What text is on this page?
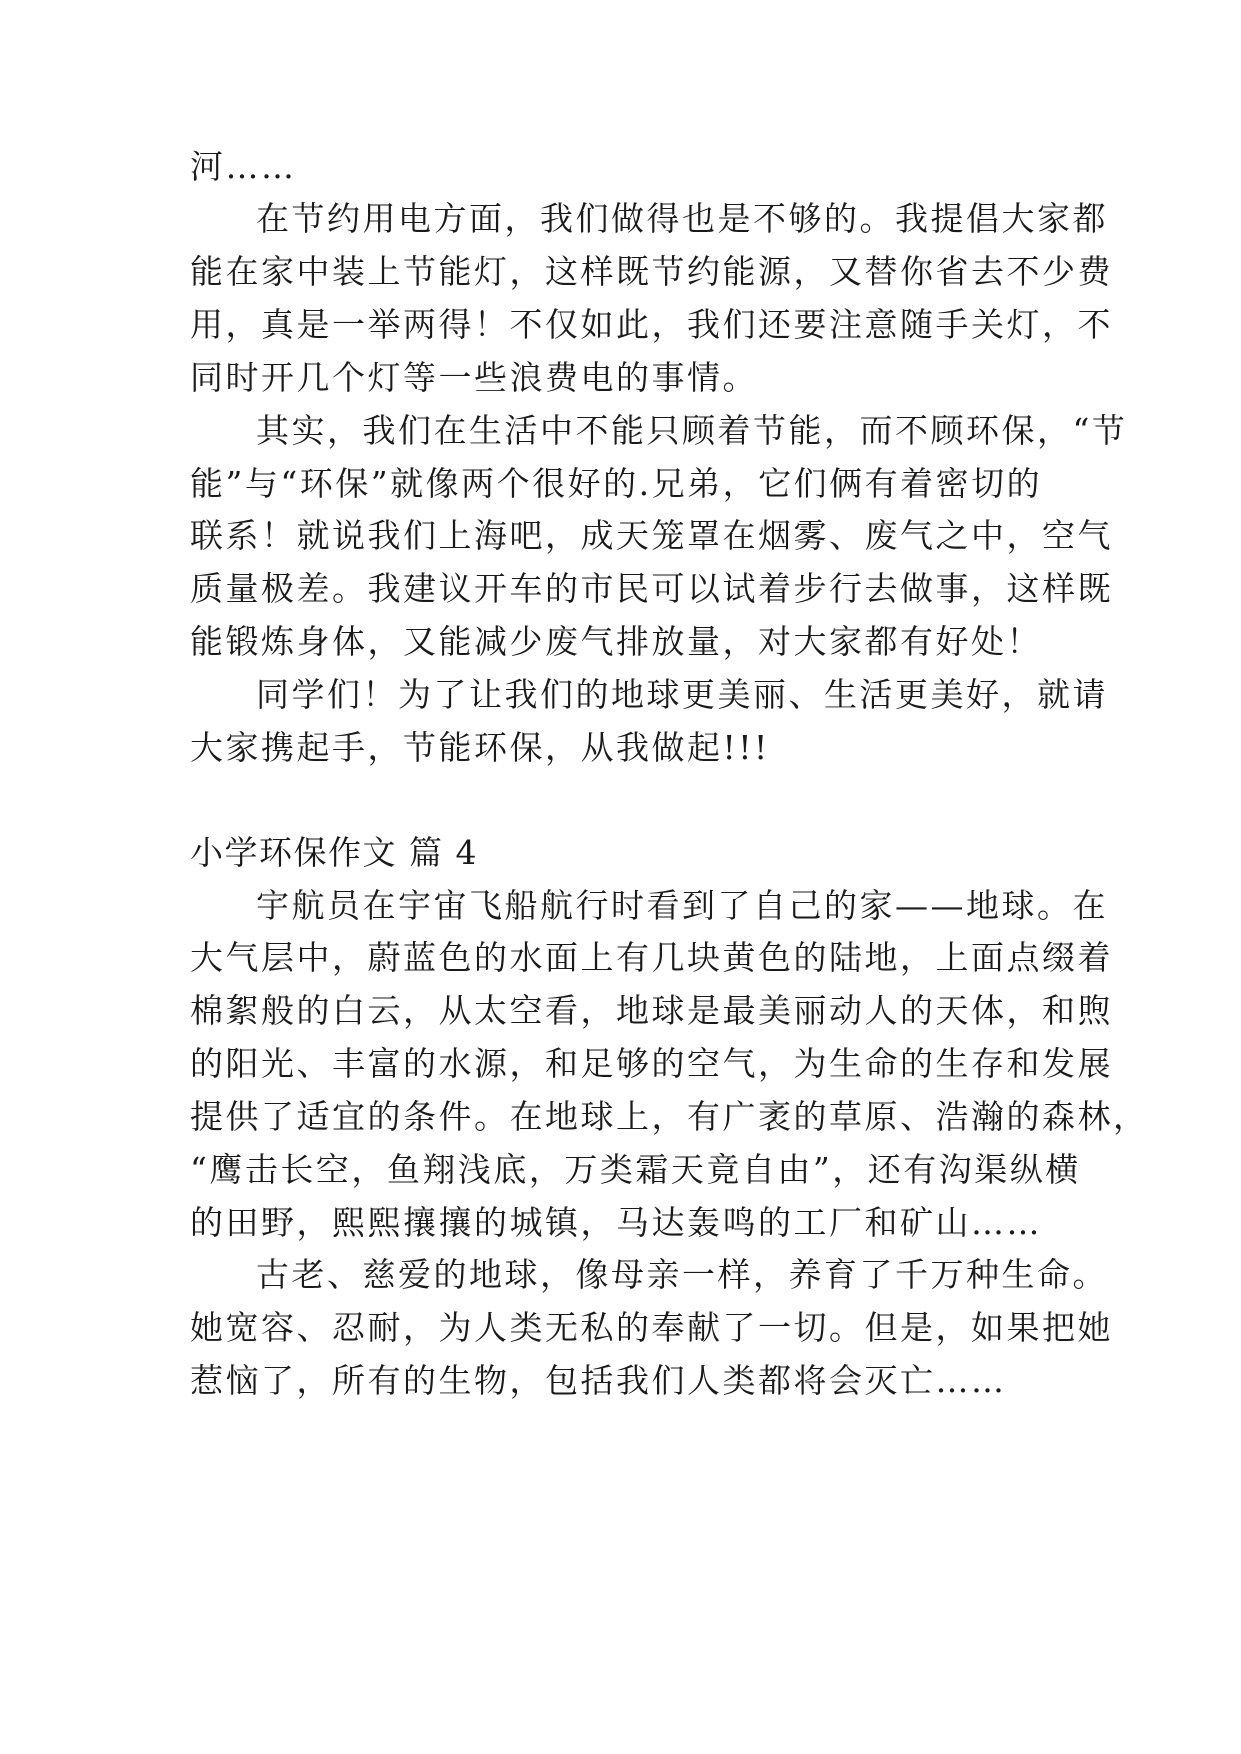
河……

在节约用电方面，我们做得也是不够的。我提倡大家都

能在家中装上节能灯，这样既节约能源，又替你省去不少费

用，真是一举两得！不仅如此，我们还要注意随手关灯，不

同时开几个灯等一些浪费电的事情。

其实，我们在生活中不能只顾着节能，而不顾环保，“节

能”与“环保”就像两个很好的.兄弟，它们俩有着密切的

联系！就说我们上海吧，成天笼罩在烟雾、废气之中，空气

质量极差。我建议开车的市民可以试着步行去做事，这样既

能锻炼身体，又能减少废气排放量，对大家都有好处！

同学们！为了让我们的地球更美丽、生活更美好，就请

大家携起手，节能环保，从我做起!!!

小学环保作文 篇 4

宇航员在宇宙飞船航行时看到了自己的家——地球。在

大气层中，蔚蓝色的水面上有几块黄色的陆地，上面点缀着

棉絮般的白云，从太空看，地球是最美丽动人的天体，和煦

的阳光、丰富的水源，和足够的空气，为生命的生存和发展

提供了适宜的条件。在地球上，有广袤的草原、浩瀚的森林，

“鹰击长空，鱼翔浅底，万类霜天竟自由”，还有沟渠纵横

的田野，熙熙攘攘的城镇，马达轰鸣的工厂和矿山……

古老、慈爱的地球，像母亲一样，养育了千万种生命。

她宽容、忍耐，为人类无私的奉献了一切。但是，如果把她

惹恼了，所有的生物，包括我们人类都将会灭亡……
